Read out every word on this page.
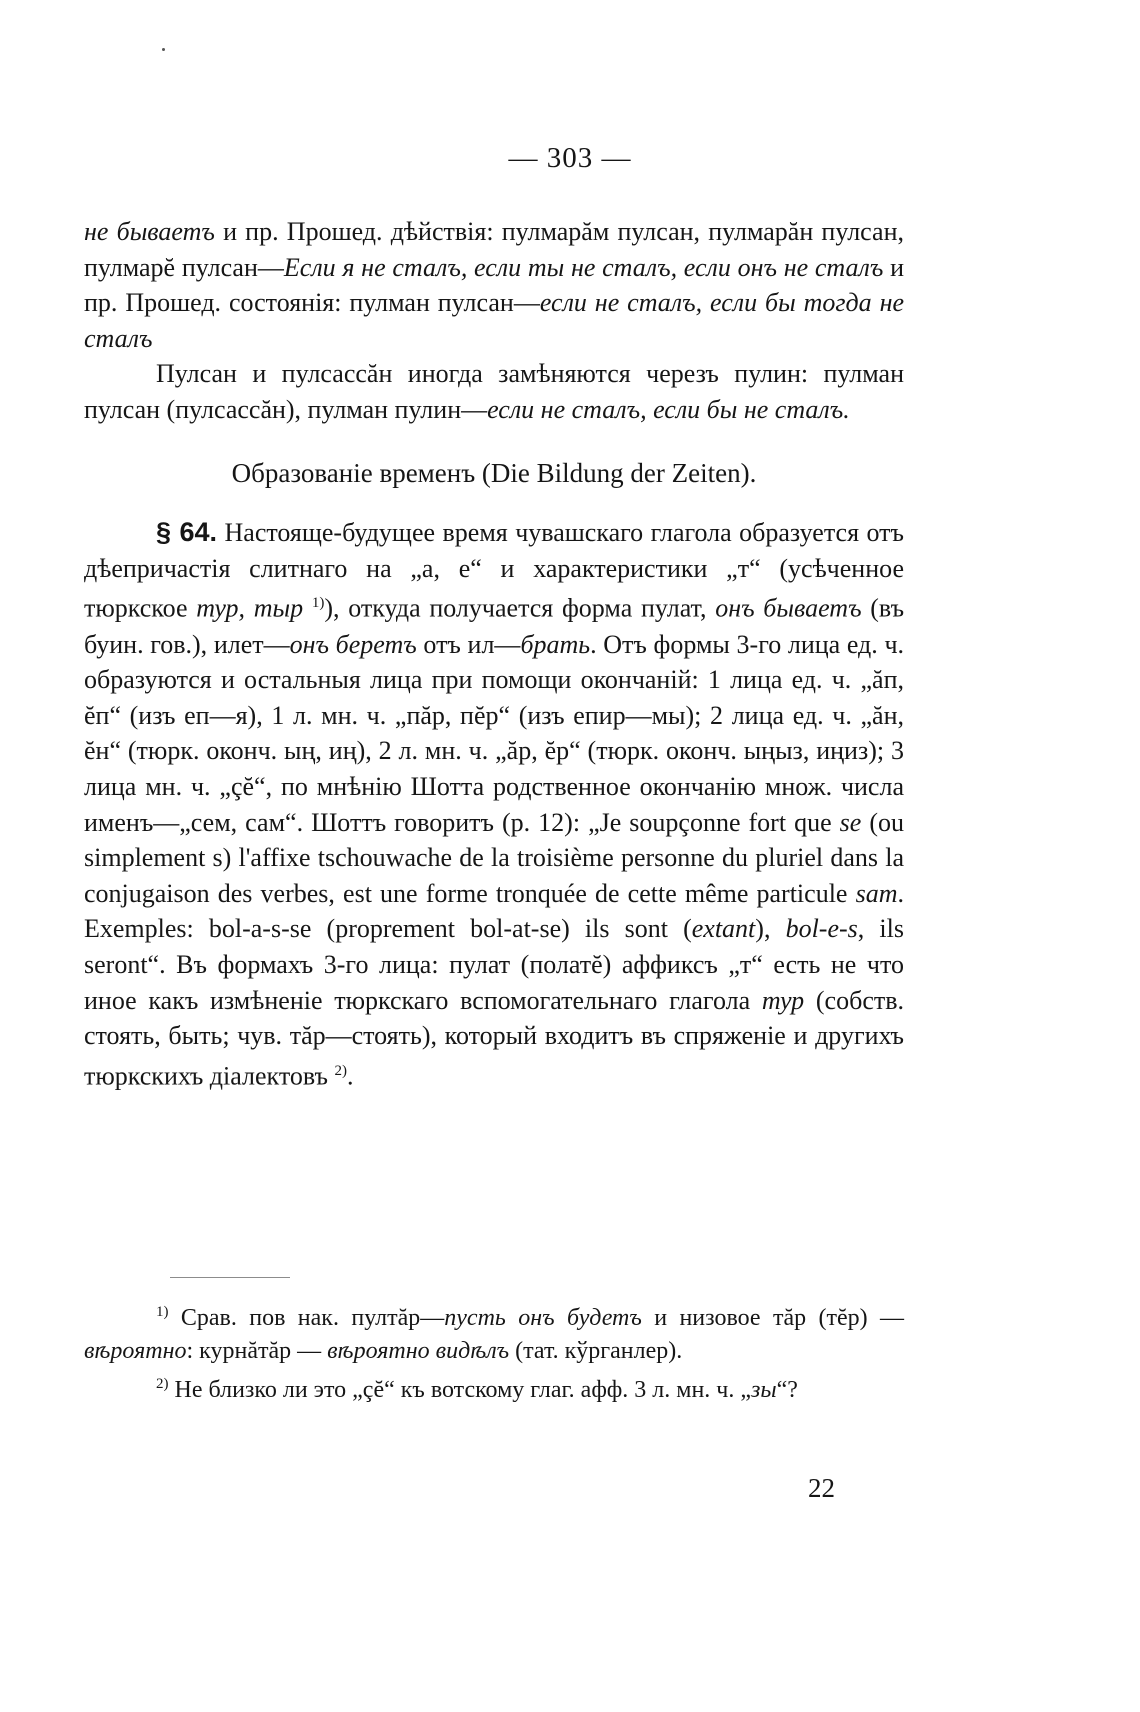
— 303 —

не бываетъ и пр. Прошед. дѣйствія: пулмарăм пулсан, пулмарăн пулсан, пулмарĕ пулсан—Если я не сталъ, если ты не сталъ, если онъ не сталъ и пр. Прошед. состоянія: пулман пулсан—если не сталъ, если бы тогда не сталъ

Пулсан и пулсассăн иногда замѣняются черезъ пулин: пулман пулсан (пулсассăн), пулман пулин—если не сталъ, если бы не сталъ.

Образованіе временъ (Die Bildung der Zeiten).

§ 64. Настояще-будущее время чувашскаго глагола образуется отъ дѣепричастія слитнаго на „а, е“ и характеристики „т“ (усѣченное тюркское тур, тыр $^{1)}$), откуда получается форма пулат, онъ бываетъ (въ буин. гов.), илет—онъ беретъ отъ ил—брать. Отъ формы 3-го лица ед. ч. образуются и остальныя лица при помощи окончаній: 1 лица ед. ч. „ăп, ĕп“ (изъ еп—я), 1 л. мн. ч. „пăр, пĕр“ (изъ епир—мы); 2 лица ед. ч. „ăн, ĕн“ (тюрк. оконч. ың, иң), 2 л. мн. ч. „ăр, ĕр“ (тюрк. оконч. ыңыз, иңиз); 3 лица мн. ч. „çĕ“, по мнѣнію Шотта родственное окончанію множ. числа именъ—„сем, сам“. Шоттъ говоритъ (p. 12): „Je soupçonne fort que se (ou simplement s) l'affixe tschouwache de la troisième personne du pluriel dans la conjugaison des verbes, est une forme tronquée de cette même particule sam. Exemples: bol-a-s-se (proprement bol-at-se) ils sont (extant), bol-e-s, ils seront“. Въ формахъ 3-го лица: пулат (полатĕ) аффиксъ „т“ есть не что иное какъ измѣненіе тюркскаго вспомогательнаго глагола тур (собств. стоять, быть; чув. тăр—стоять), который входитъ въ спряженіе и другихъ тюркскихъ діалектовъ $^{2)}$.

$^{1)}$ Срав. пов нак. пултăр—пусть онъ будетъ и низовое тăр (тĕр) — вѣроятно: курнăтăр — вѣроятно видѣлъ (тат. кўрганлер).

$^{2)}$ Не близко ли это „çĕ“ къ вотскому глаг. афф. 3 л. мн. ч. „зы“?

22
